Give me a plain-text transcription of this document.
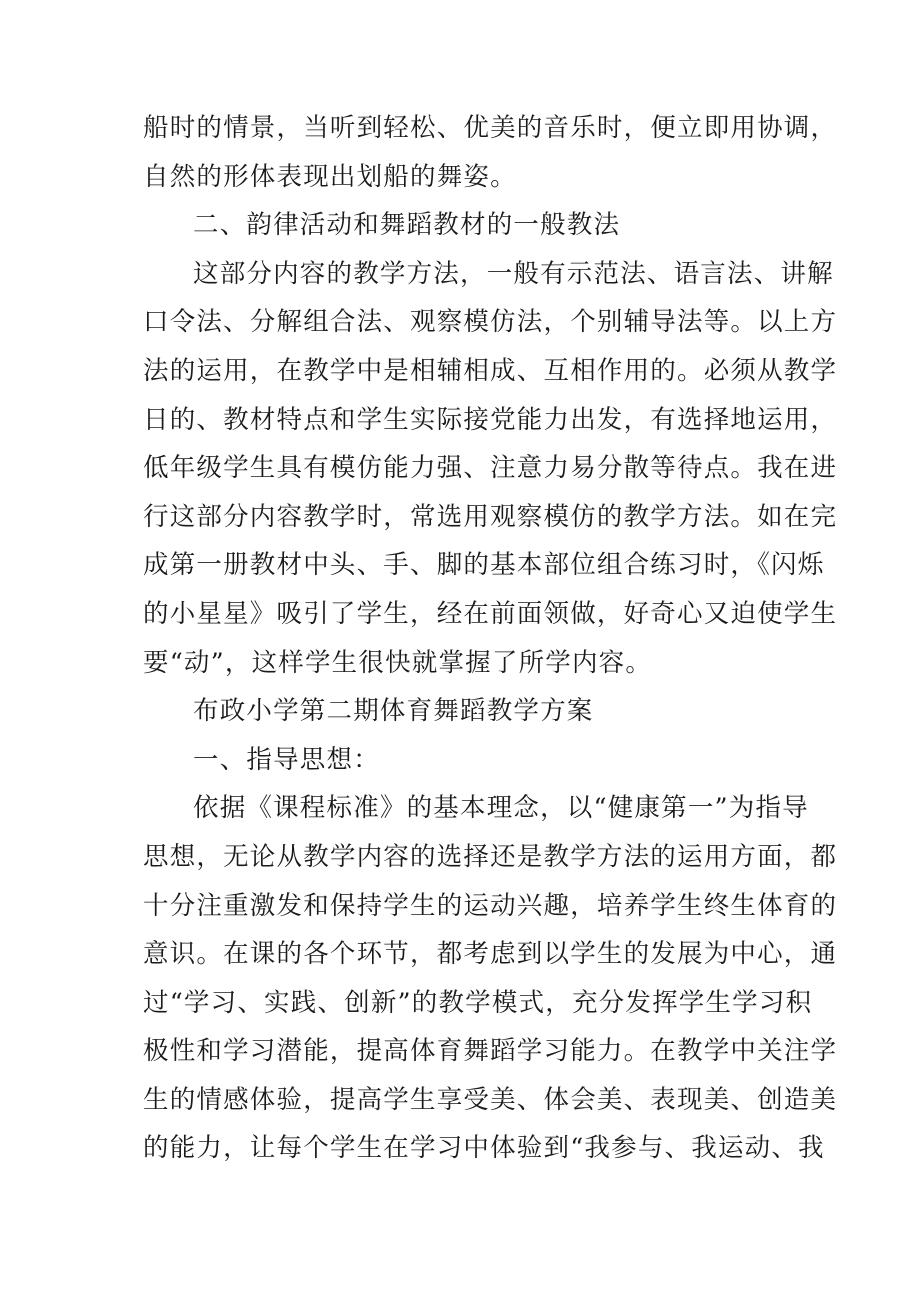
船时的情景，当听到轻松、优美的音乐时，便立即用协调，
自然的形体表现出划船的舞姿。
二、韵律活动和舞蹈教材的一般教法
这部分内容的教学方法，一般有示范法、语言法、讲解
口令法、分解组合法、观察模仿法，个别辅导法等。以上方
法的运用，在教学中是相辅相成、互相作用的。必须从教学
日的、教材特点和学生实际接党能力出发，有选择地运用，
低年级学生具有模仿能力强、注意力易分散等待点。我在进
行这部分内容教学时，常选用观察模仿的教学方法。如在完
成第一册教材中头、手、脚的基本部位组合练习时，《闪烁
的小星星》吸引了学生，经在前面领做，好奇心又迫使学生
要“动”，这样学生很快就掌握了所学内容。
布政小学第二期体育舞蹈教学方案
一、指导思想：
依据《课程标准》的基本理念，以“健康第一”为指导
思想，无论从教学内容的选择还是教学方法的运用方面，都
十分注重激发和保持学生的运动兴趣，培养学生终生体育的
意识。在课的各个环节，都考虑到以学生的发展为中心，通
过“学习、实践、创新”的教学模式，充分发挥学生学习积
极性和学习潜能，提高体育舞蹈学习能力。在教学中关注学
生的情感体验，提高学生享受美、体会美、表现美、创造美
的能力，让每个学生在学习中体验到“我参与、我运动、我
